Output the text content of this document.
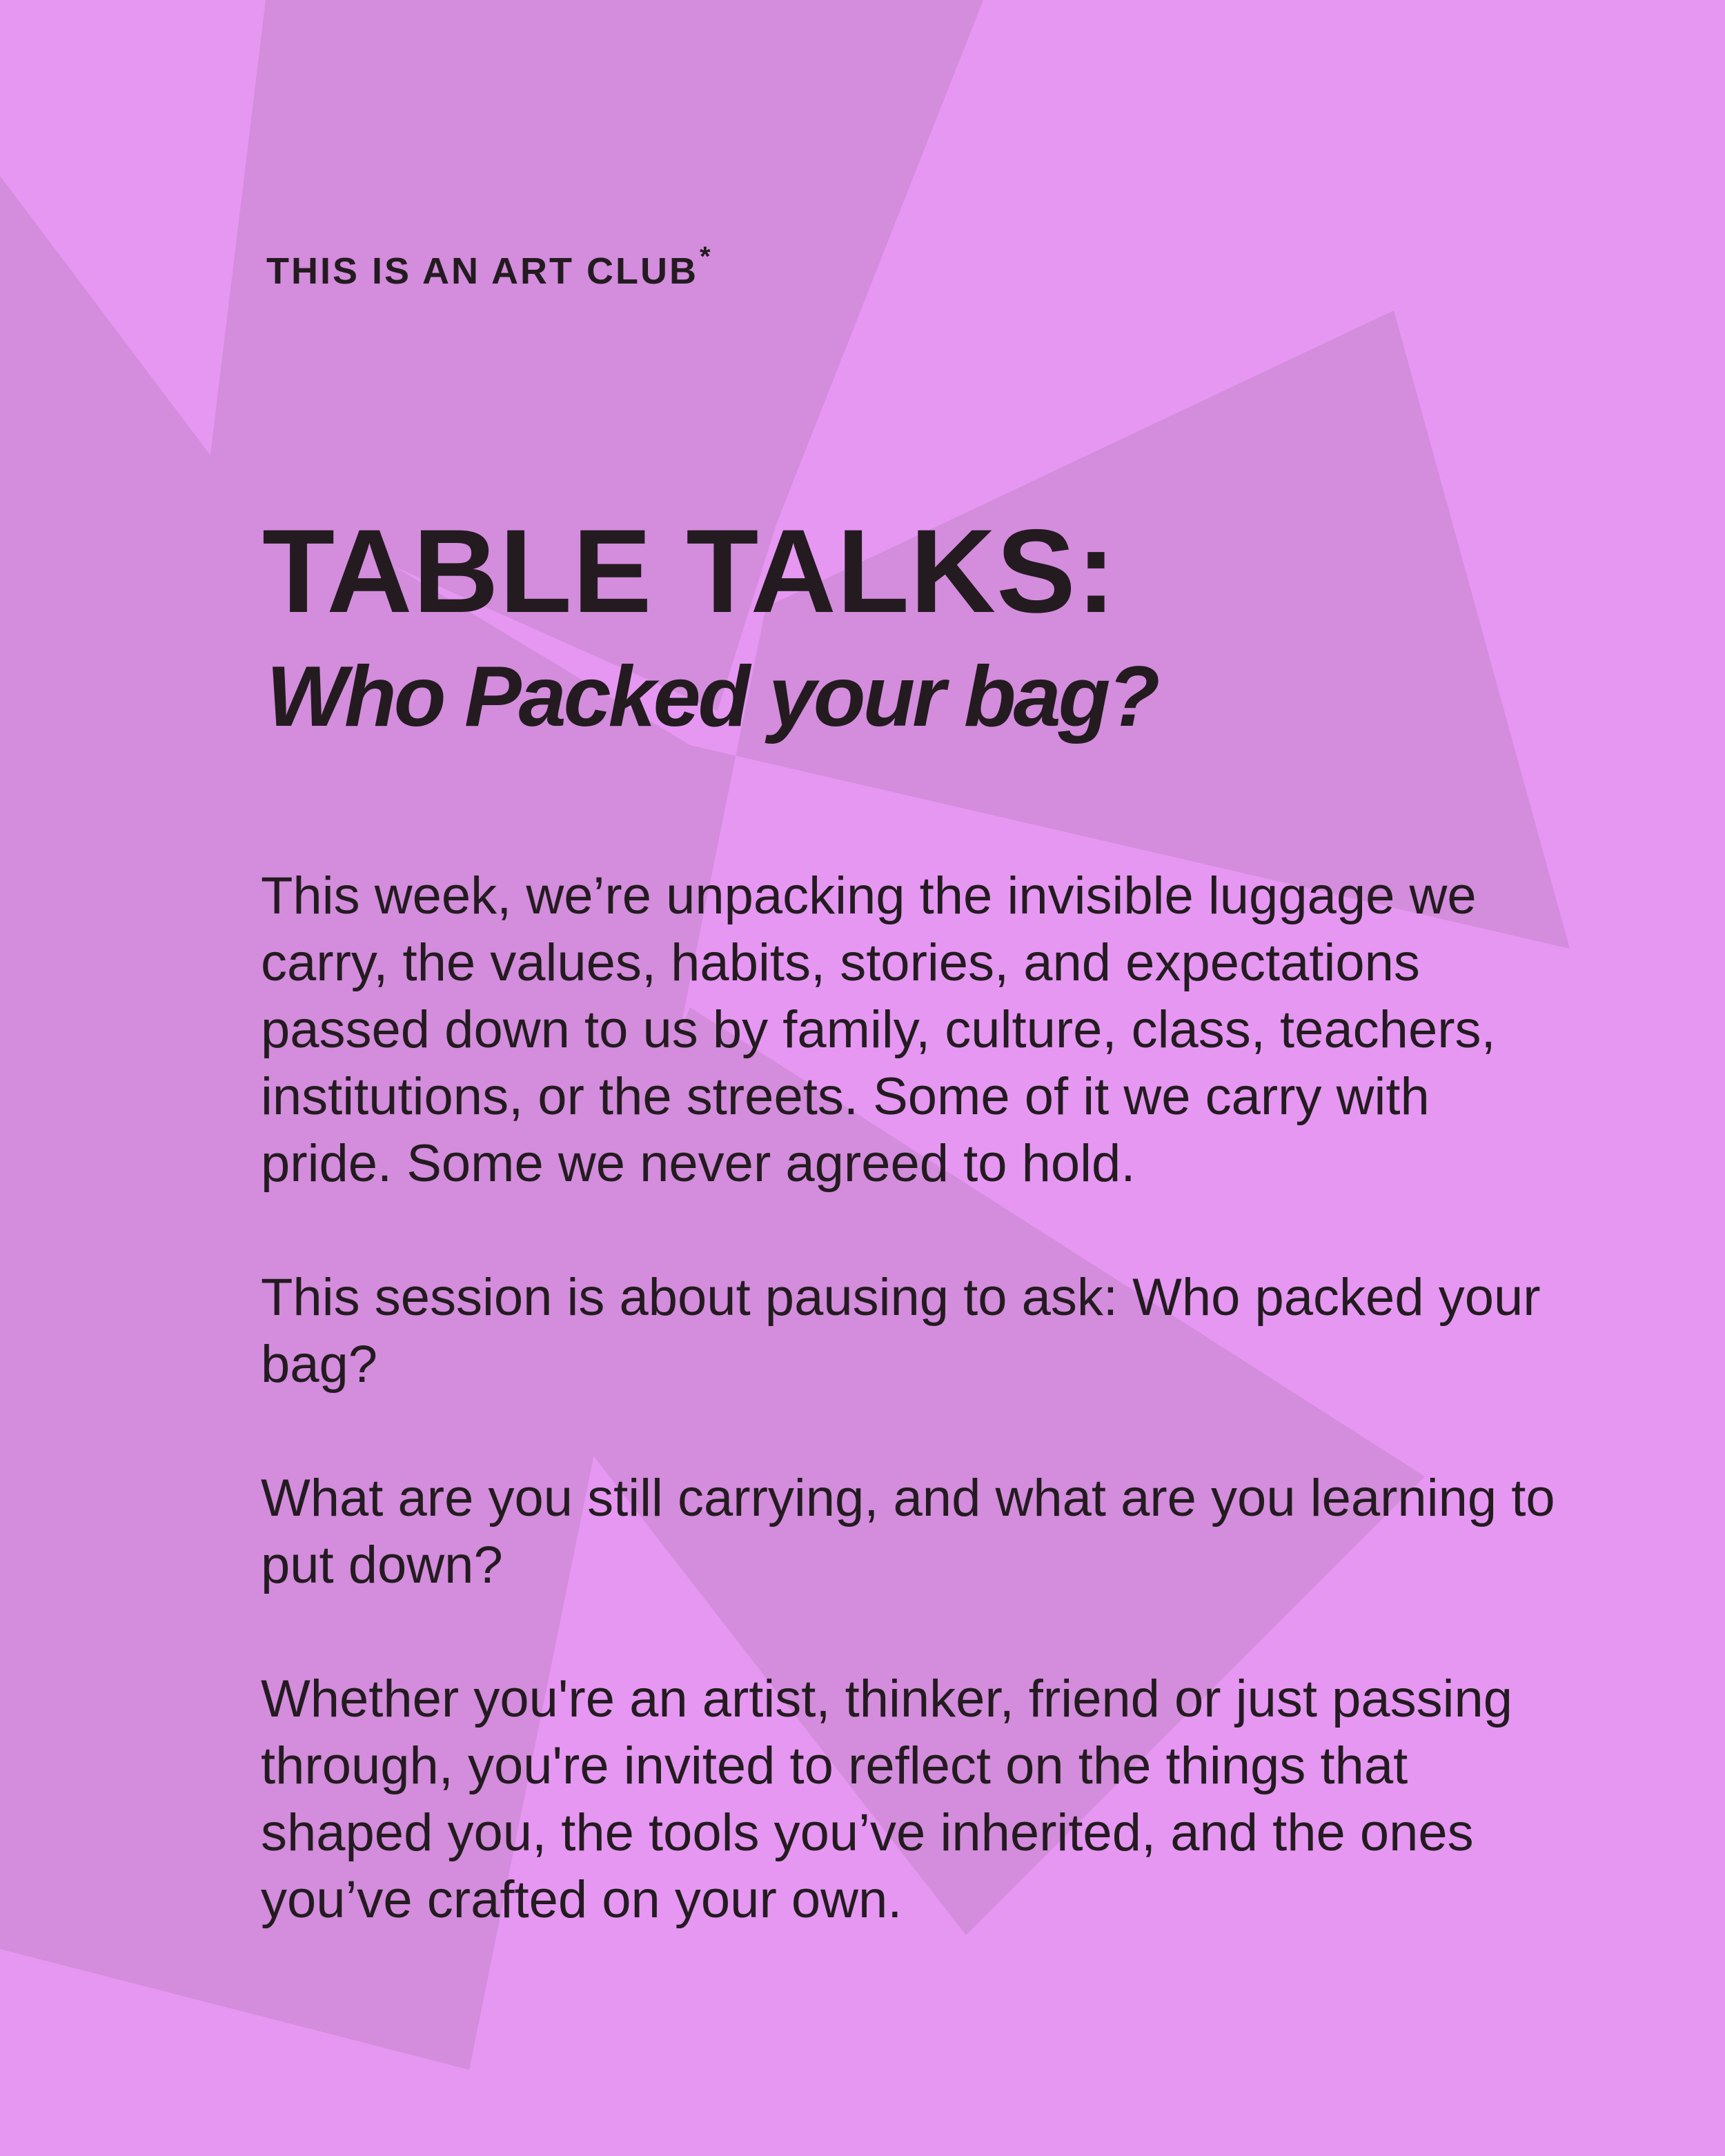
THIS IS AN ART CLUB*
TABLE TALKS:
Who Packed your bag?

This week, we’re unpacking the invisible luggage we carry, the values, habits, stories, and expectations passed down to us by family, culture, class, teachers, institutions, or the streets. Some of it we carry with pride. Some we never agreed to hold.

This session is about pausing to ask: Who packed your bag?

What are you still carrying, and what are you learning to put down?

Whether you're an artist, thinker, friend or just passing through, you're invited to reflect on the things that shaped you, the tools you’ve inherited, and the ones you’ve crafted on your own.
